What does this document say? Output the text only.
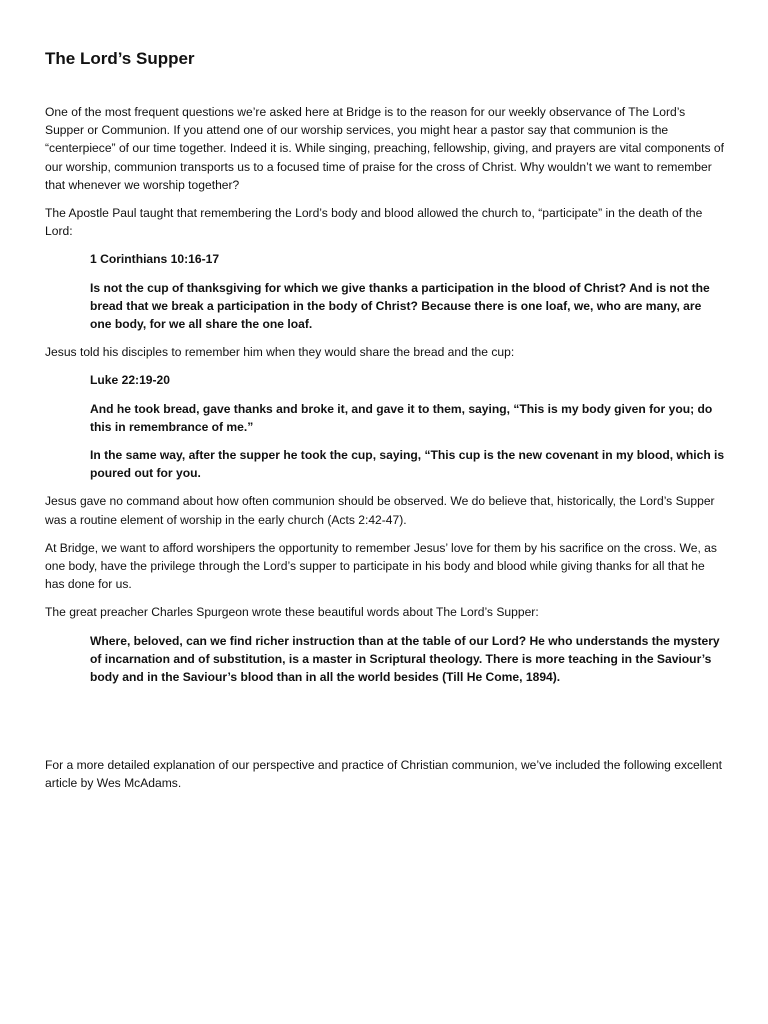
The Lord’s Supper

One of the most frequent questions we’re asked here at Bridge is to the reason for our weekly observance of The Lord’s Supper or Communion. If you attend one of our worship services, you might hear a pastor say that communion is the “centerpiece” of our time together. Indeed it is. While singing, preaching, fellowship, giving, and prayers are vital components of our worship, communion transports us to a focused time of praise for the cross of Christ. Why wouldn’t we want to remember that whenever we worship together?

The Apostle Paul taught that remembering the Lord’s body and blood allowed the church to, “participate” in the death of the Lord:

1 Corinthians 10:16-17

Is not the cup of thanksgiving for which we give thanks a participation in the blood of Christ? And is not the bread that we break a participation in the body of Christ? Because there is one loaf, we, who are many, are one body, for we all share the one loaf.

Jesus told his disciples to remember him when they would share the bread and the cup:

Luke 22:19-20

And he took bread, gave thanks and broke it, and gave it to them, saying, “This is my body given for you; do this in remembrance of me.”

In the same way, after the supper he took the cup, saying, “This cup is the new covenant in my blood, which is poured out for you.

Jesus gave no command about how often communion should be observed. We do believe that, historically, the Lord’s Supper was a routine element of worship in the early church (Acts 2:42-47).

At Bridge, we want to afford worshipers the opportunity to remember Jesus’ love for them by his sacrifice on the cross. We, as one body, have the privilege through the Lord’s supper to participate in his body and blood while giving thanks for all that he has done for us.

The great preacher Charles Spurgeon wrote these beautiful words about The Lord’s Supper:

Where, beloved, can we find richer instruction than at the table of our Lord? He who understands the mystery of incarnation and of substitution, is a master in Scriptural theology. There is more teaching in the Saviour’s body and in the Saviour’s blood than in all the world besides (Till He Come, 1894).

For a more detailed explanation of our perspective and practice of Christian communion, we’ve included the following excellent article by Wes McAdams.
